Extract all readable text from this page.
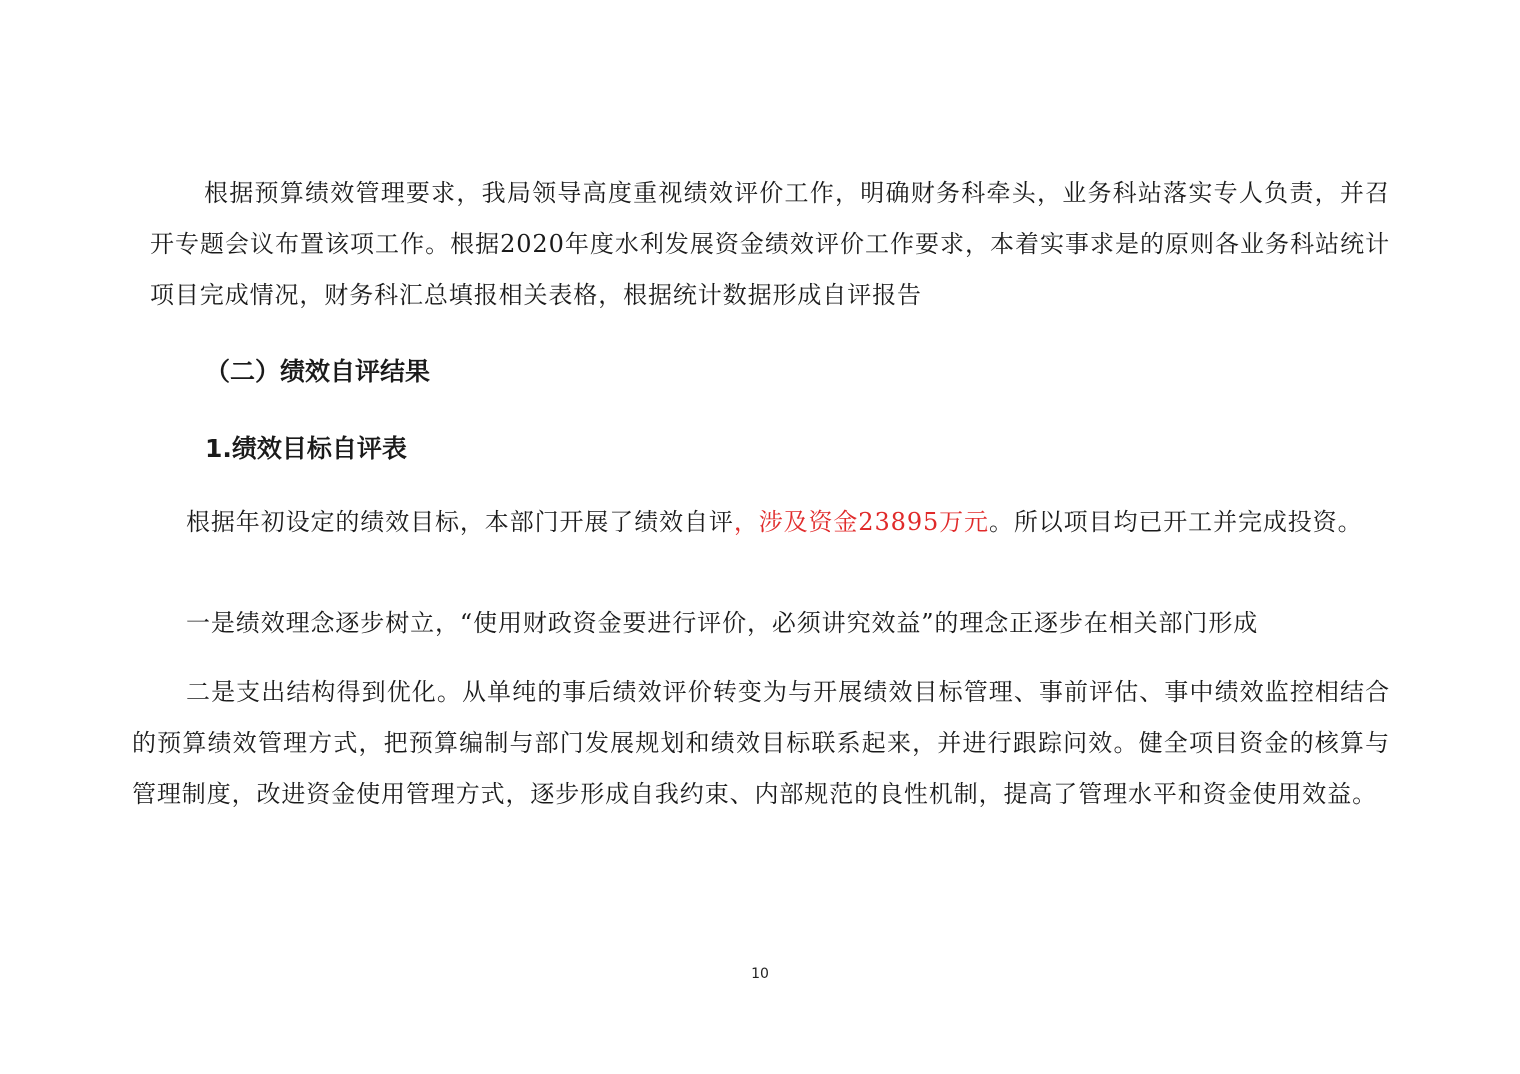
根据预算绩效管理要求，我局领导高度重视绩效评价工作，明确财务科牵头，业务科站落实专人负责，并召开专题会议布置该项工作。根据2020年度水利发展资金绩效评价工作要求，本着实事求是的原则各业务科站统计项目完成情况，财务科汇总填报相关表格，根据统计数据形成自评报告

（二）绩效自评结果
1.绩效目标自评表

根据年初设定的绩效目标，本部门开展了绩效自评，涉及资金23895万元。所以项目均已开工并完成投资。

一是绩效理念逐步树立，“使用财政资金要进行评价，必须讲究效益”的理念正逐步在相关部门形成

二是支出结构得到优化。从单纯的事后绩效评价转变为与开展绩效目标管理、事前评估、事中绩效监控相结合的预算绩效管理方式，把预算编制与部门发展规划和绩效目标联系起来，并进行跟踪问效。健全项目资金的核算与管理制度，改进资金使用管理方式，逐步形成自我约束、内部规范的良性机制，提高了管理水平和资金使用效益。

10
